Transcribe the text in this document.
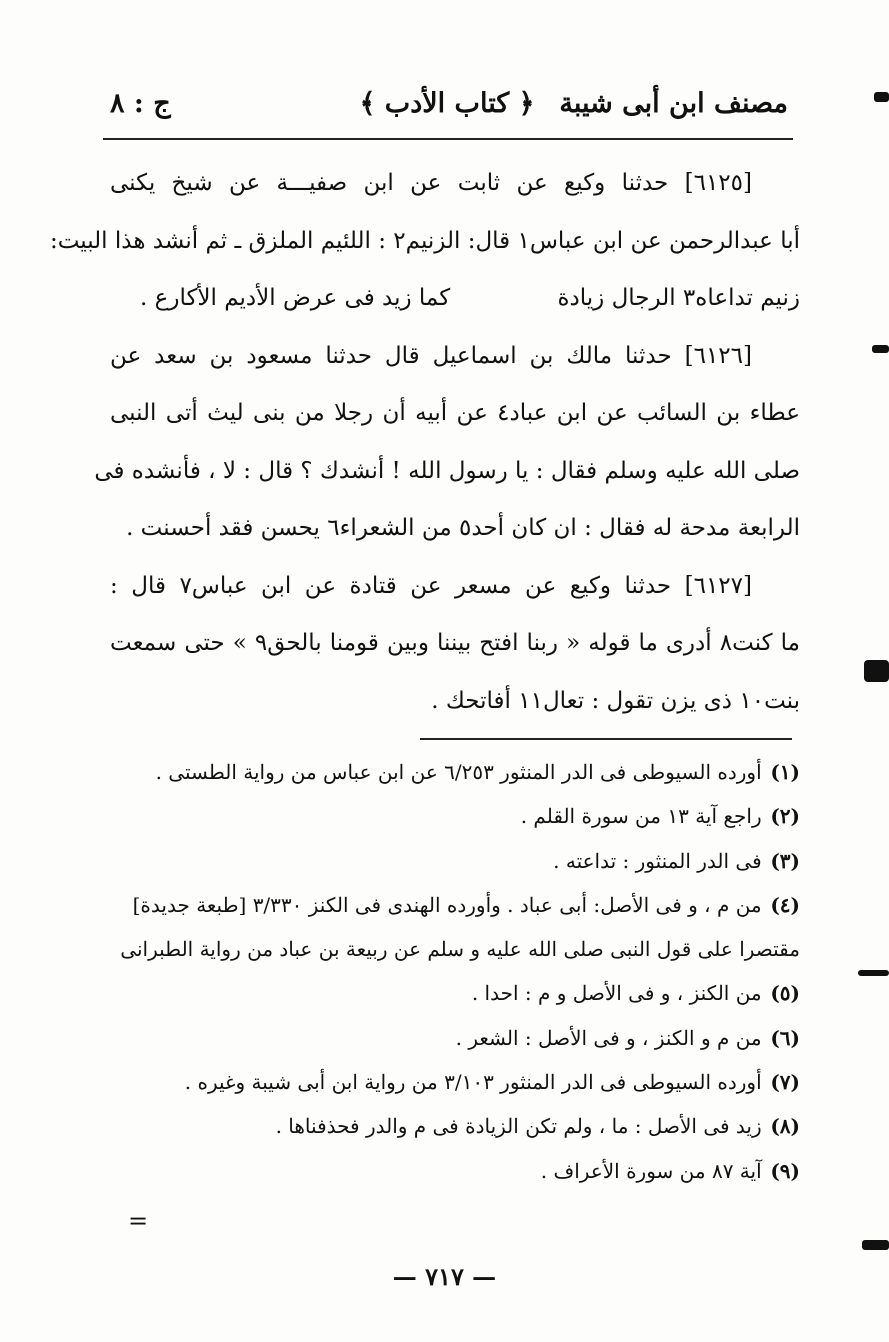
مصنف ابن أبى شيبة
﴿ كتاب الأدب ﴾
ج : ٨
[٦١٢٥] حدثنا وكيع عن ثابت عن ابن صفيـــة عن شيخ يكنى
أبا عبدالرحمن عن ابن عباس١ قال: الزنيم٢ : اللئيم الملزق ـ ثم أنشد هذا البيت:
زنيم تداعاه٣ الرجال زيادة
كما زيد فى عرض الأديم الأكارع .
[٦١٢٦] حدثنا مالك بن اسماعيل قال حدثنا مسعود بن سعد عن
عطاء بن السائب عن ابن عباد٤ عن أبيه أن رجلا من بنى ليث أتى النبى
صلى الله عليه وسلم فقال : يا رسول الله ! أنشدك ؟ قال : لا ، فأنشده فى
الرابعة مدحة له فقال : ان كان أحد٥ من الشعراء٦ يحسن فقد أحسنت .
[٦١٢٧] حدثنا وكيع عن مسعر عن قتادة عن ابن عباس٧ قال :
ما كنت٨ أدرى ما قوله « ربنا افتح بيننا وبين قومنا بالحق٩ » حتى سمعت
بنت١٠ ذى يزن تقول : تعال١١ أفاتحك .
(١) أورده السيوطى فى الدر المنثور ٦/٢٥٣ عن ابن عباس من رواية الطستى .
(٢) راجع آية ١٣ من سورة القلم .
(٣) فى الدر المنثور : تداعته .
(٤) من م ، و فى الأصل: أبى عباد . وأورده الهندى فى الكنز ٣/٣٣٠ [طبعة جديدة]
مقتصرا على قول النبى صلى الله عليه و سلم عن ربيعة بن عباد من رواية الطبرانى
(٥) من الكنز ، و فى الأصل و م : احدا .
(٦) من م و الكنز ، و فى الأصل : الشعر .
(٧) أورده السيوطى فى الدر المنثور ٣/١٠٣ من رواية ابن أبى شيبة وغيره .
(٨) زيد فى الأصل : ما ، ولم تكن الزيادة فى م والدر فحذفناها .
(٩) آية ٨٧ من سورة الأعراف .
=
— ٧١٧ —
